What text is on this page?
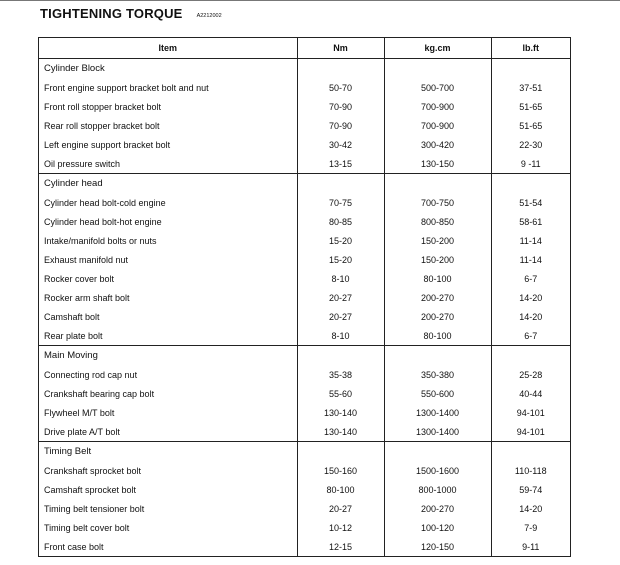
TIGHTENING TORQUE	A2212002
Item	Nm	kg.cm	lb.ft
Cylinder Block			
Front engine support bracket bolt and nut	50-70	500-700	37-51
Front roll stopper bracket bolt	70-90	700-900	51-65
Rear roll stopper bracket bolt	70-90	700-900	51-65
Left engine support bracket bolt	30-42	300-420	22-30
Oil pressure switch	13-15	130-150	9 -11
Cylinder head			
Cylinder head bolt-cold engine	70-75	700-750	51-54
Cylinder head bolt-hot engine	80-85	800-850	58-61
Intake/manifold bolts or nuts	15-20	150-200	11-14
Exhaust manifold nut	15-20	150-200	11-14
Rocker cover bolt	8-10	80-100	6-7
Rocker arm shaft bolt	20-27	200-270	14-20
Camshaft bolt	20-27	200-270	14-20
Rear plate bolt	8-10	80-100	6-7
Main Moving			
Connecting rod cap nut	35-38	350-380	25-28
Crankshaft bearing cap bolt	55-60	550-600	40-44
Flywheel M/T bolt	130-140	1300-1400	94-101
Drive plate A/T bolt	130-140	1300-1400	94-101
Timing Belt			
Crankshaft sprocket bolt	150-160	1500-1600	110-118
Camshaft sprocket bolt	80-100	800-1000	59-74
Timing belt tensioner bolt	20-27	200-270	14-20
Timing belt cover bolt	10-12	100-120	7-9
Front case bolt	12-15	120-150	9-11
